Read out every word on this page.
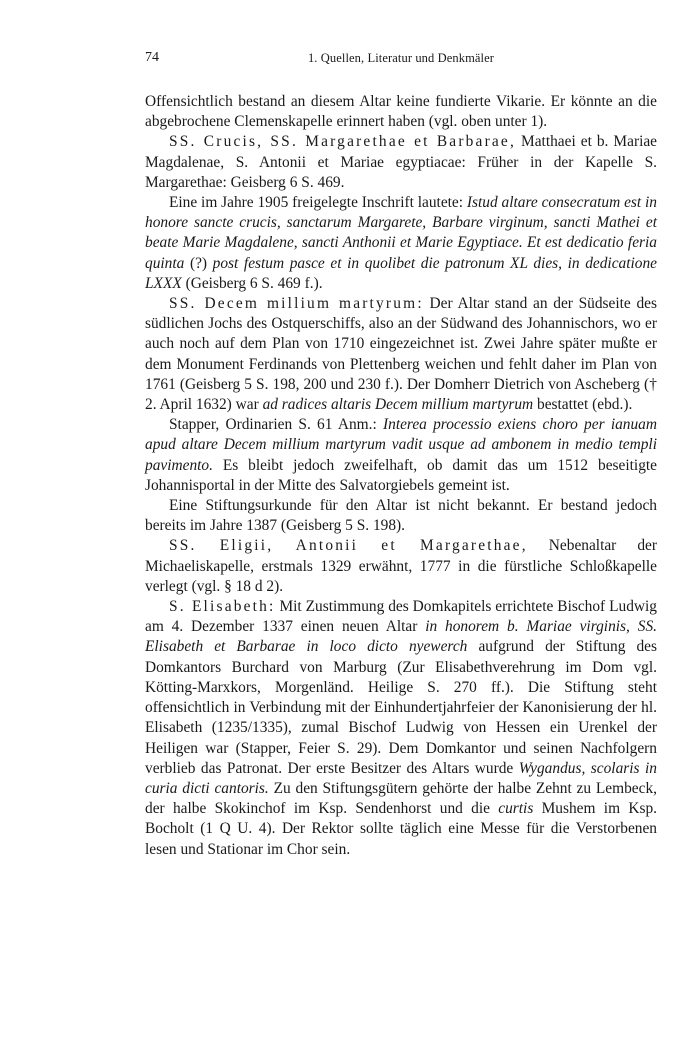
74	1. Quellen, Literatur und Denkmäler

Offensichtlich bestand an diesem Altar keine fundierte Vikarie. Er könnte an die abgebrochene Clemenskapelle erinnert haben (vgl. oben unter 1).

SS. Crucis, SS. Margarethae et Barbarae, Matthaei et b. Mariae Magdalenae, S. Antonii et Mariae egyptiacae: Früher in der Kapelle S. Margarethae: Geisberg 6 S. 469.

Eine im Jahre 1905 freigelegte Inschrift lautete: Istud altare consecratum est in honore sancte crucis, sanctarum Margarete, Barbare virginum, sancti Mathei et beate Marie Magdalene, sancti Anthonii et Marie Egyptiace. Et est dedicatio feria quinta (?) post festum pasce et in quolibet die patronum XL dies, in dedicatione LXXX (Geisberg 6 S. 469 f.).

SS. Decem millium martyrum: Der Altar stand an der Südseite des südlichen Jochs des Ostquerschiffs, also an der Südwand des Johannischors, wo er auch noch auf dem Plan von 1710 eingezeichnet ist. Zwei Jahre später mußte er dem Monument Ferdinands von Plettenberg weichen und fehlt daher im Plan von 1761 (Geisberg 5 S. 198, 200 und 230 f.). Der Domherr Dietrich von Ascheberg († 2. April 1632) war ad radices altaris Decem millium martyrum bestattet (ebd.).

Stapper, Ordinarien S. 61 Anm.: Interea processio exiens choro per ianuam apud altare Decem millium martyrum vadit usque ad ambonem in medio templi pavimento. Es bleibt jedoch zweifelhaft, ob damit das um 1512 beseitigte Johannisportal in der Mitte des Salvatorgiebels gemeint ist.

Eine Stiftungsurkunde für den Altar ist nicht bekannt. Er bestand jedoch bereits im Jahre 1387 (Geisberg 5 S. 198).

SS. Eligii, Antonii et Margarethae, Nebenaltar der Michaeliskapelle, erstmals 1329 erwähnt, 1777 in die fürstliche Schloßkapelle verlegt (vgl. § 18 d 2).

S. Elisabeth: Mit Zustimmung des Domkapitels errichtete Bischof Ludwig am 4. Dezember 1337 einen neuen Altar in honorem b. Mariae virginis, SS. Elisabeth et Barbarae in loco dicto nyewerch aufgrund der Stiftung des Domkantors Burchard von Marburg (Zur Elisabethverehrung im Dom vgl. Kötting-Marxkors, Morgenländ. Heilige S. 270 ff.). Die Stiftung steht offensichtlich in Verbindung mit der Einhundertjahrfeier der Kanonisierung der hl. Elisabeth (1235/1335), zumal Bischof Ludwig von Hessen ein Urenkel der Heiligen war (Stapper, Feier S. 29). Dem Domkantor und seinen Nachfolgern verblieb das Patronat. Der erste Besitzer des Altars wurde Wygandus, scolaris in curia dicti cantoris. Zu den Stiftungsgütern gehörte der halbe Zehnt zu Lembeck, der halbe Skokinchof im Ksp. Sendenhorst und die curtis Mushem im Ksp. Bocholt (1 Q U. 4). Der Rektor sollte täglich eine Messe für die Verstorbenen lesen und Stationar im Chor sein.
